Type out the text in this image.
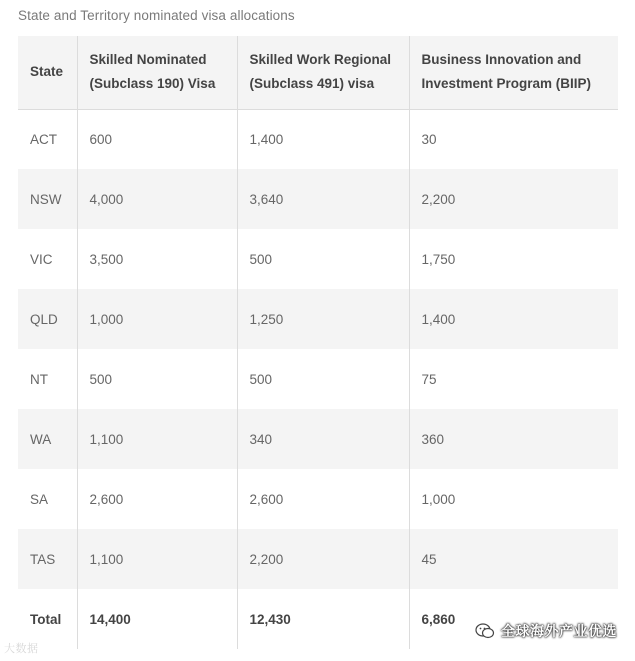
State and Territory nominated visa allocations
State	Skilled Nominated (Subclass 190) Visa	Skilled Work Regional (Subclass 491) visa	Business Innovation and Investment Program (BIIP)
ACT	600	1,400	30
NSW	4,000	3,640	2,200
VIC	3,500	500	1,750
QLD	1,000	1,250	1,400
NT	500	500	75
WA	1,100	340	360
SA	2,600	2,600	1,000
TAS	1,100	2,200	45
Total	14,400	12,430	6,860
大数据
全球海外产业优选
